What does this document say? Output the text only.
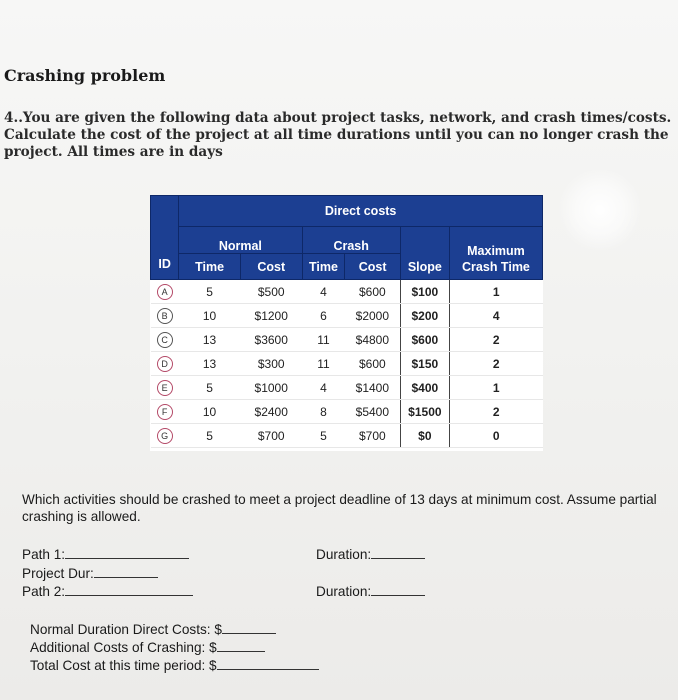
Crashing problem
4..You are given the following data about project tasks, network, and crash times/costs. Calculate the cost of the project at all time durations until you can no longer crash the project. All times are in days
ID	Direct costs					
	Normal		Crash		Slope	Maximum
Crash Time

	Time	Cost	Time	Cost		
A	5	$500	4	$600	$100	1
B	10	$1200	6	$2000	$200	4
C	13	$3600	11	$4800	$600	2
D	13	$300	11	$600	$150	2
E	5	$1000	4	$1400	$400	1
F	10	$2400	8	$5400	$1500	2
G	5	$700	5	$700	$0	0
Which activities should be crashed to meet a project deadline of 13 days at minimum cost. Assume partial crashing is allowed.
Path 1:	Duration:
Project Dur:
Path 2:	Duration:
Normal Duration Direct Costs: $
Additional Costs of Crashing: $
Total Cost at this time period: $
